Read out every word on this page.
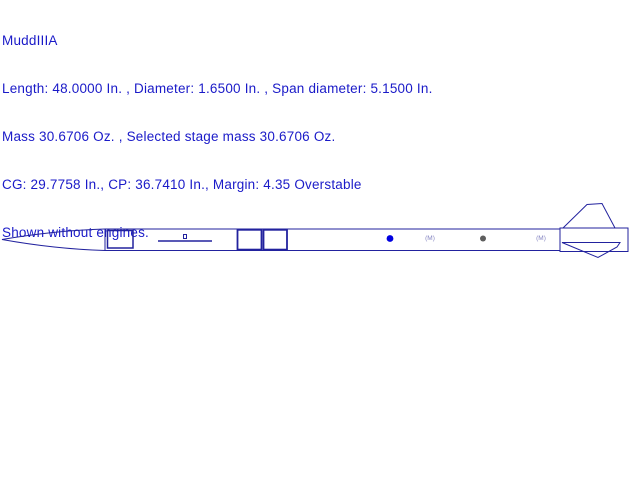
MuddIIIA

Length: 48.0000 In. , Diameter: 1.6500 In. , Span diameter: 5.1500 In.

Mass 30.6706 Oz. , Selected stage mass 30.6706 Oz.

CG: 29.7758 In., CP: 36.7410 In., Margin: 4.35 Overstable

Shown without engines.

	(M)	(M)
